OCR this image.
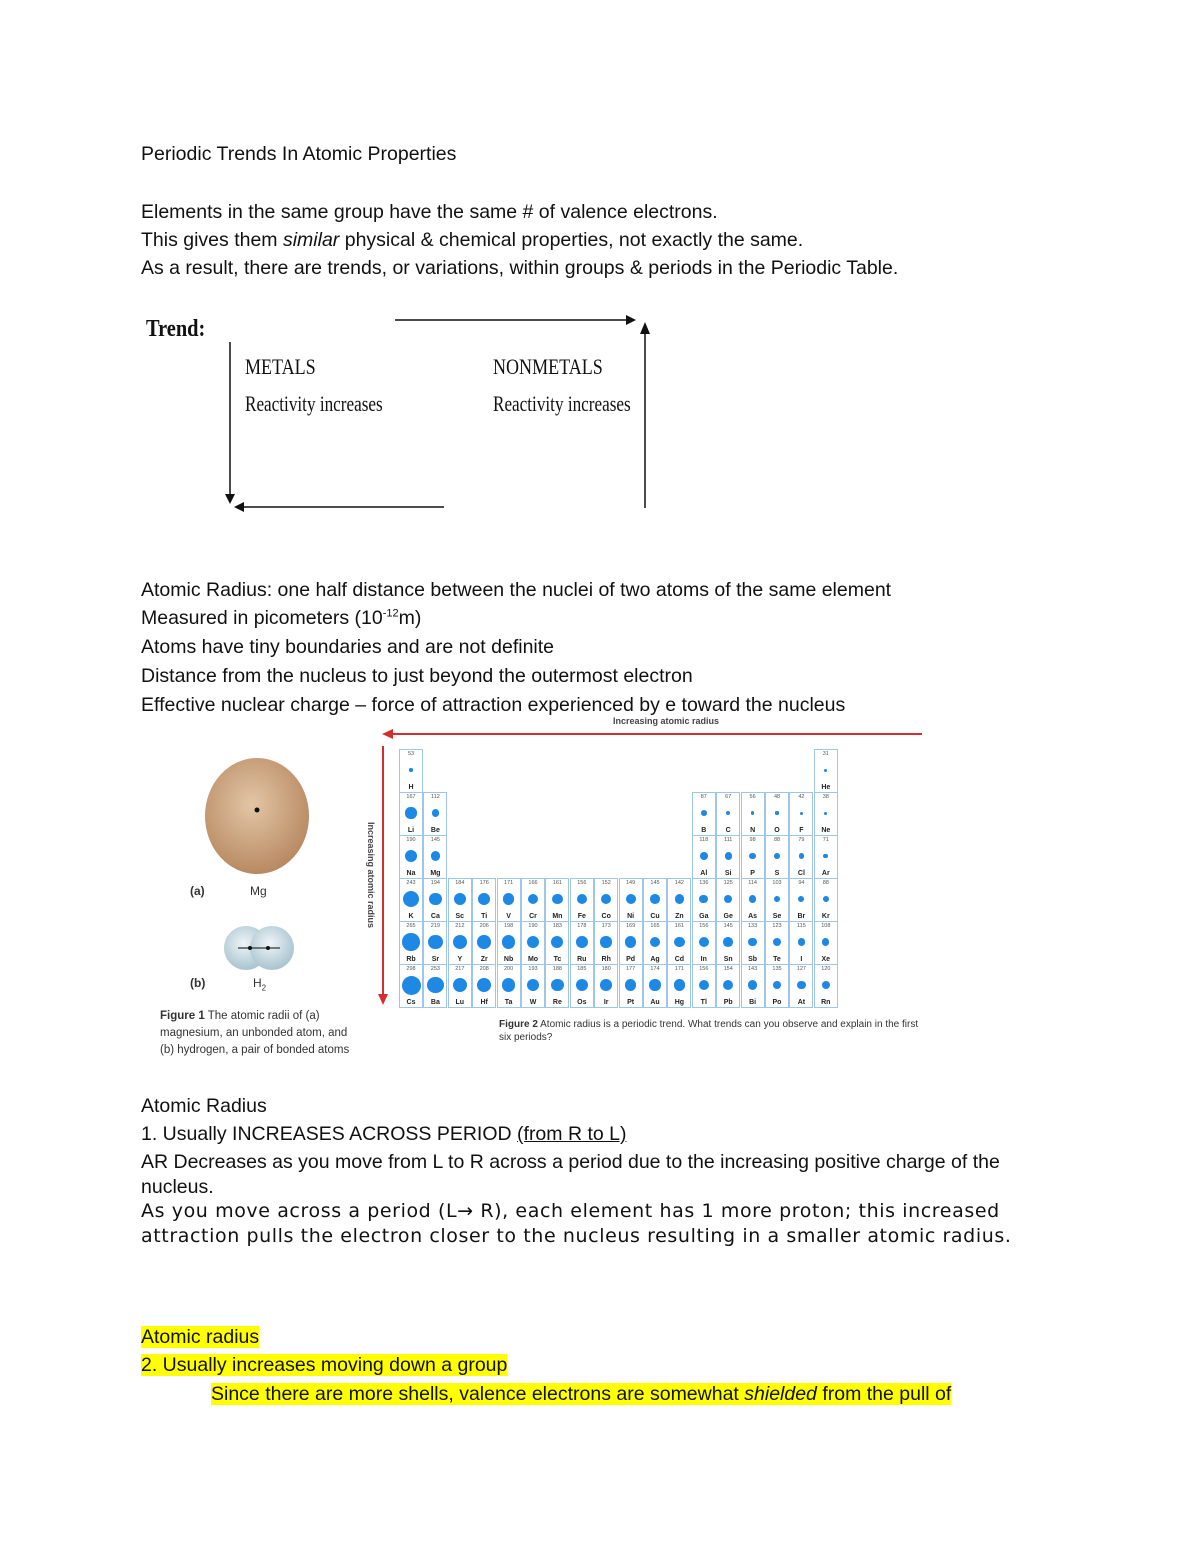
Periodic Trends In Atomic Properties
Elements in the same group have the same # of valence electrons.
This gives them similar physical & chemical properties, not exactly the same.
As a result, there are trends, or variations, within groups & periods in the Periodic Table.
Trend:
METALS
Reactivity increases
NONMETALS
Reactivity increases
Atomic Radius: one half distance between the nuclei of two atoms of the same element
Measured in picometers $(10^{-12}m)$
Atoms have tiny boundaries and are not definite
Distance from the nucleus to just beyond the outermost electron
Effective nuclear charge – force of attraction experienced by e toward the nucleus
(a)	Mg
(b)	$H_2$
Figure 1 The atomic radii of (a)
magnesium, an unbonded atom, and
(b) hydrogen, a pair of bonded atoms
Increasing atomic radius
Increasing atomic radius
53
H
31
He
167
Li
112
Be
87
B
67
C
56
N
48
O
42
F
38
Ne
190
Na
145
Mg
118
Al
111
Si
98
P
88
S
79
Cl
71
Ar
243
K
194
Ca
184
Sc
176
Ti
171
V
166
Cr
161
Mn
156
Fe
152
Co
149
Ni
145
Cu
142
Zn
136
Ga
125
Ge
114
As
103
Se
94
Br
88
Kr
265
Rb
219
Sr
212
Y
206
Zr
198
Nb
190
Mo
183
Tc
178
Ru
173
Rh
169
Pd
165
Ag
161
Cd
156
In
145
Sn
133
Sb
123
Te
115
I
108
Xe
298
Cs
253
Ba
217
Lu
208
Hf
200
Ta
193
W
188
Re
185
Os
180
Ir
177
Pt
174
Au
171
Hg
156
Tl
154
Pb
143
Bi
135
Po
127
At
120
Rn
Figure 2 Atomic radius is a periodic trend. What trends can you observe and explain in the first
six periods?
Atomic Radius
1. Usually INCREASES ACROSS PERIOD (from R to L)
AR Decreases as you move from L to R across a period due to the increasing positive charge of the nucleus.
As you move across a period (L→ R), each element has 1 more proton; this increased attraction pulls the electron closer to the nucleus resulting in a smaller atomic radius.
Atomic radius
2. Usually increases moving down a group
Since there are more shells, valence electrons are somewhat shielded from the pull of
